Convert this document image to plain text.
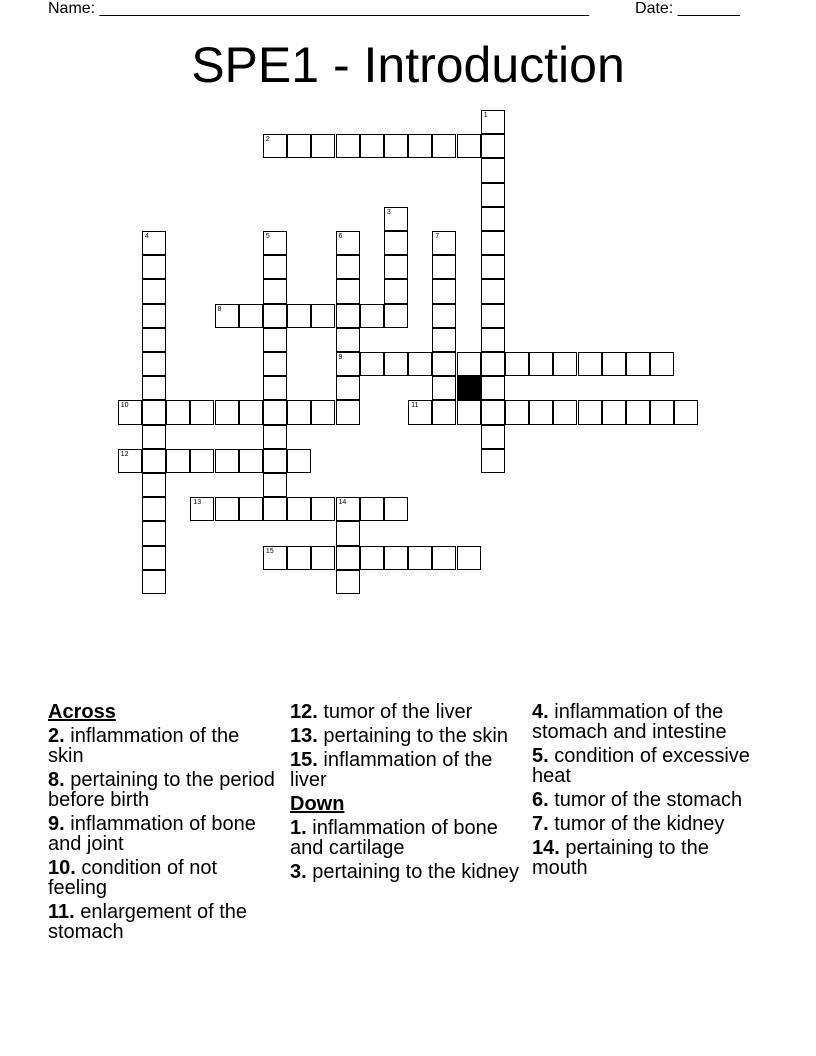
Name: _______________________________________________________	Date: _______
SPE1 - Introduction
2
8
9
10	11
12
13	14
15
1
3
4	5	6	7
Across
2. inflammation of the skin
8. pertaining to the period before birth
9. inflammation of bone and joint
10. condition of not feeling
11. enlargement of the stomach
12. tumor of the liver
13. pertaining to the skin
15. inflammation of the liver
Down
1. inflammation of bone and cartilage
3. pertaining to the kidney
4. inflammation of the stomach and intestine
5. condition of excessive heat
6. tumor of the stomach
7. tumor of the kidney
14. pertaining to the mouth
